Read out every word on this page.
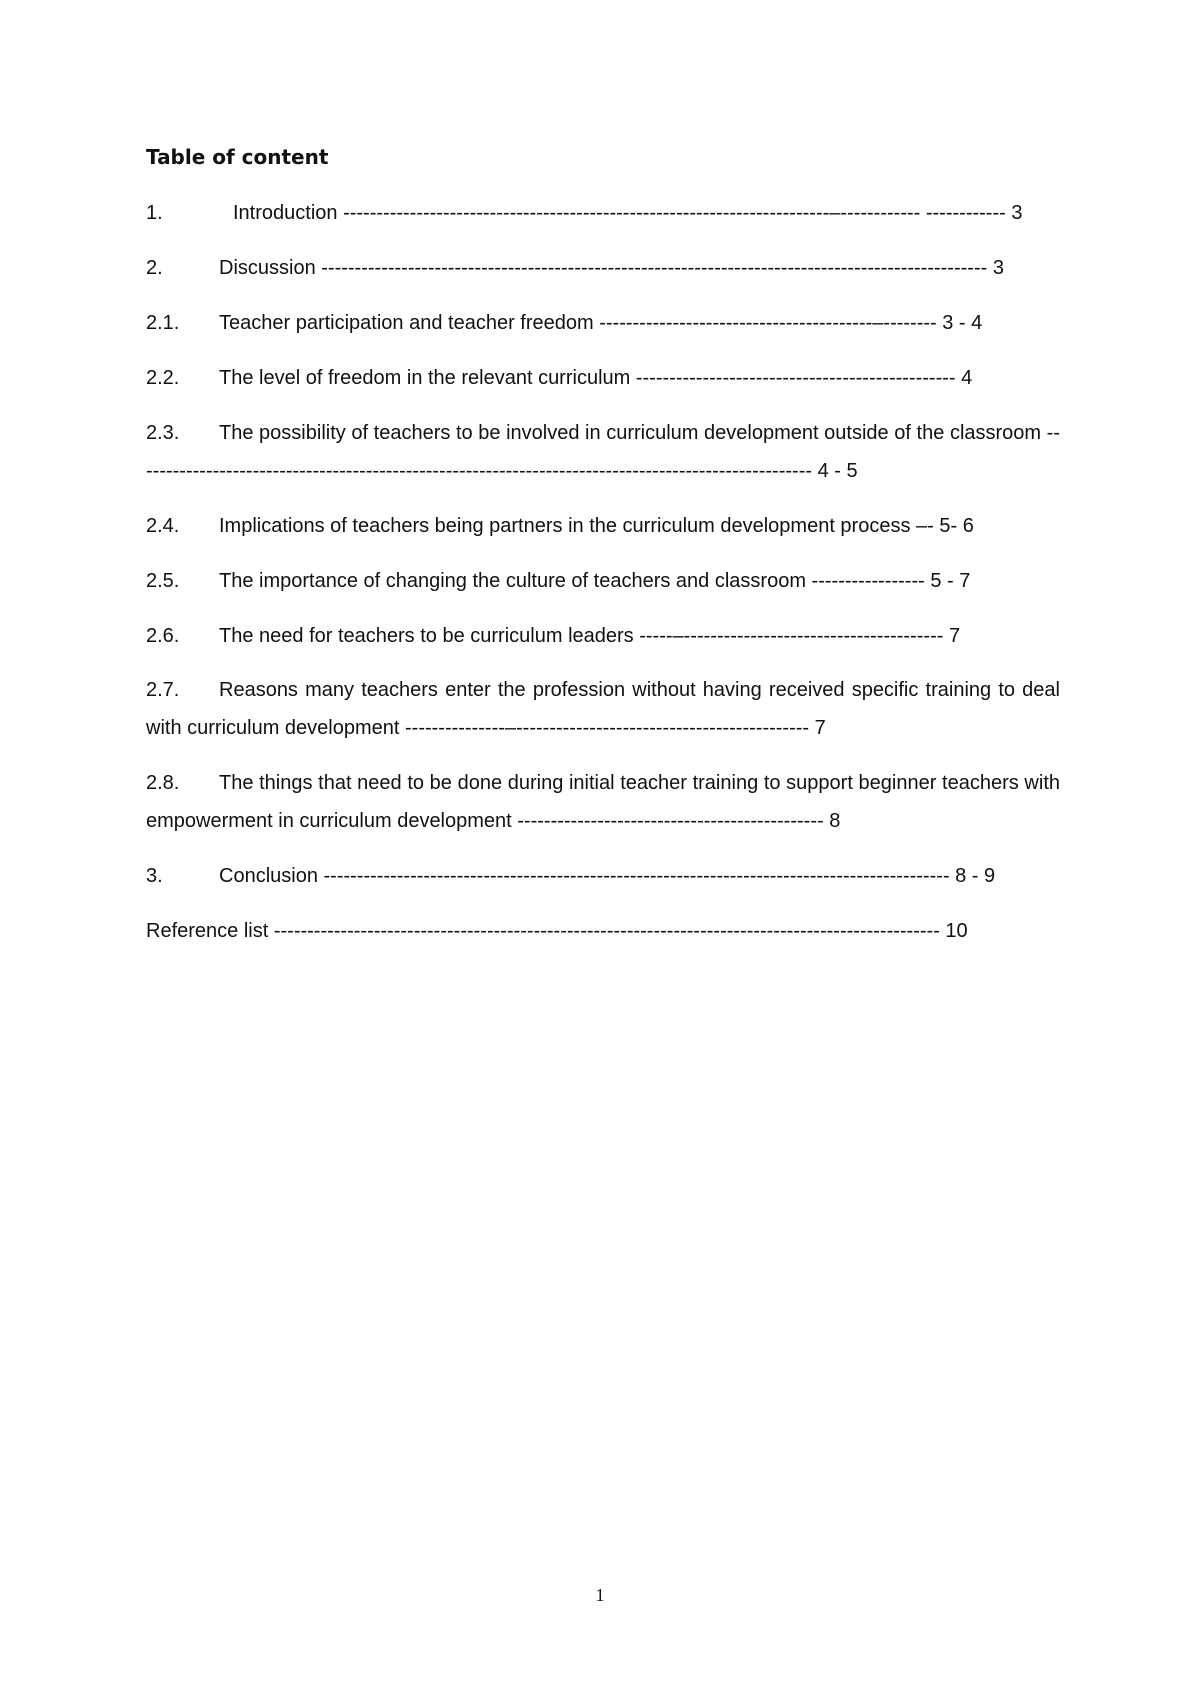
Table of content
1.	Introduction -------------------------------------------------------------------------–------------ ------------ 3
2.	Discussion ---------------------------------------------------------------------------------------------------- 3
2.1. Teacher participation and teacher freedom -----------------------------------------–-------- 3 - 4
2.2. The level of freedom in the relevant curriculum ------------------------------------------------ 4
2.3. The possibility of teachers to be involved in curriculum development outside of the classroom ------------------------------------------------------------------------------------------------------ 4 - 5
2.4. Implications of teachers being partners in the curriculum development process –- 5- 6
2.5. The importance of changing the culture of teachers and classroom ----------------- 5 - 7
2.6. The need for teachers to be curriculum leaders -----–--------------------------------------- 7
2.7. Reasons many teachers enter the profession without having received specific training to deal with curriculum development ---------------–-------------------------------------------- 7
2.8. The things that need to be done during initial teacher training to support beginner teachers with empowerment in curriculum development ---------------------------------------------- 8
3.	Conclusion ---------------------------------------------------------------------------------------------- 8 - 9
Reference list ---------------------------------------------------------------------------------------------------- 10
1
